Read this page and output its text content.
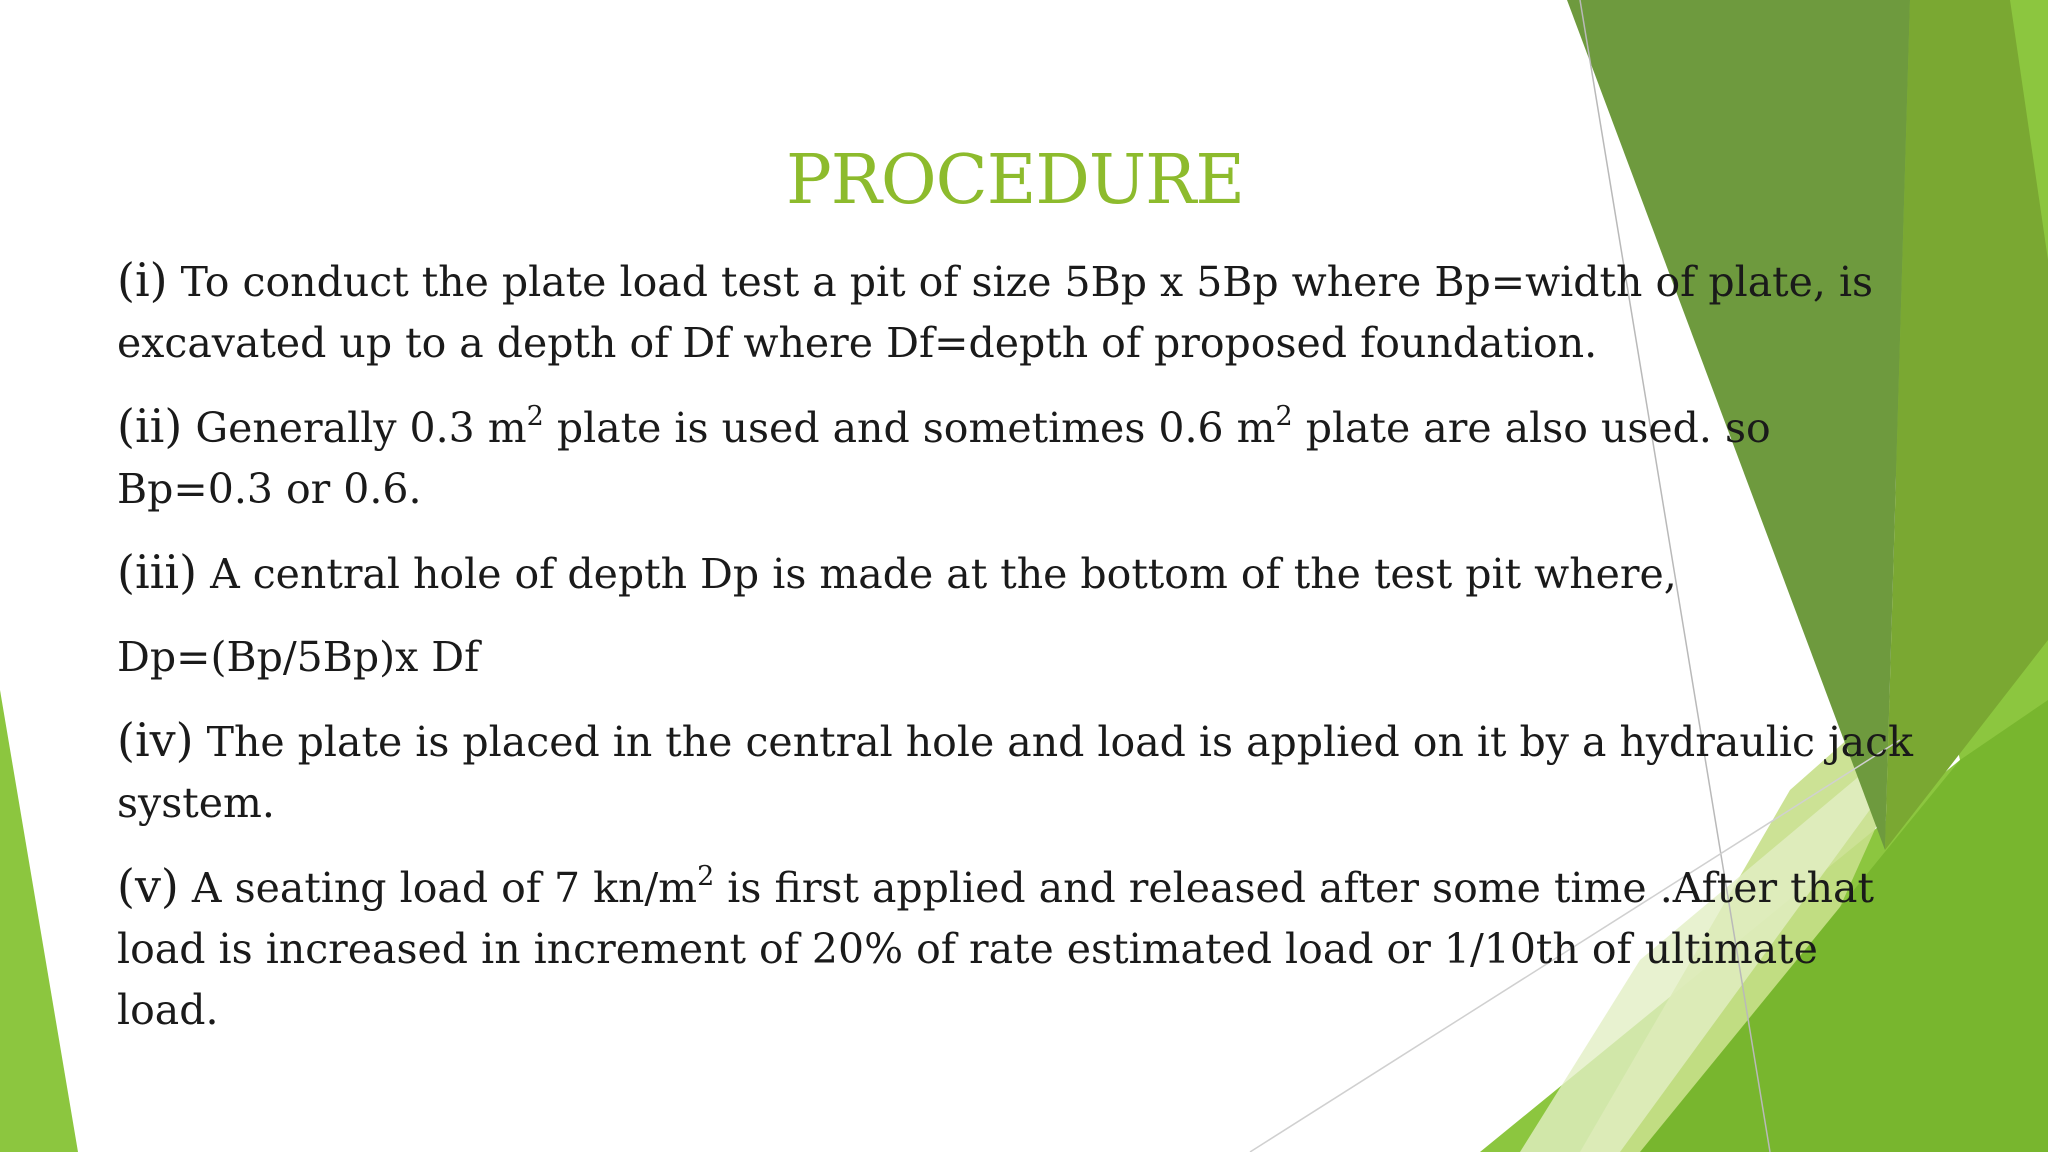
PROCEDURE
(i) To conduct the plate load test a pit of size 5Bp x 5Bp where Bp=width of plate, is excavated up to a depth of Df where Df=depth of proposed foundation.
(ii) Generally 0.3 $m^2$ plate is used and sometimes 0.6 $m^2$ plate are also used. so Bp=0.3 or 0.6.
(iii) A central hole of depth Dp is made at the bottom of the test pit where,
Dp=(Bp/5Bp)x Df
(iv) The plate is placed in the central hole and load is applied on it by a hydraulic jack system.
(v) A seating load of 7 $kn/m^2$ is first applied and released after some time .After that load is increased in increment of 20% of rate estimated load or 1/10th of ultimate load.
